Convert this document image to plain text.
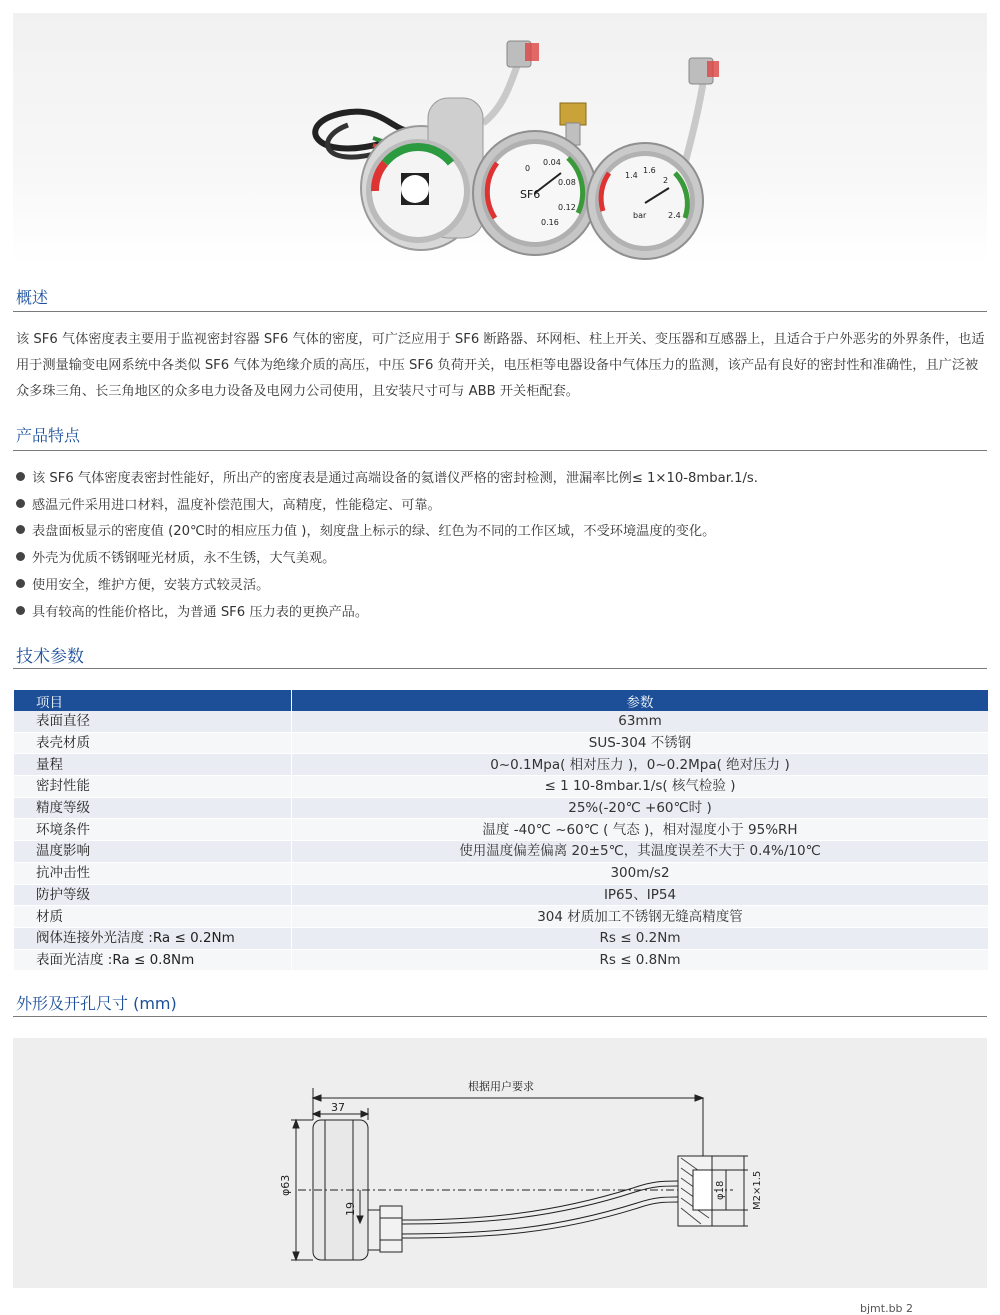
0
0.04
0.08
0.12
0.16
SF6
1.4
1.6
2
2.4
bar
概述
该 SF6 气体密度表主要用于监视密封容器 SF6 气体的密度，可广泛应用于 SF6 断路器、环网柜、柱上开关、变压器和互感器上，且适合于户外恶劣的外界条件，也适用于测量输变电网系统中各类似 SF6 气体为绝缘介质的高压，中压 SF6 负荷开关，电压柜等电器设备中气体压力的监测，该产品有良好的密封性和准确性，且广泛被众多珠三角、长三角地区的众多电力设备及电网力公司使用，且安装尺寸可与 ABB 开关柜配套。
产品特点
该 SF6 气体密度表密封性能好，所出产的密度表是通过高端设备的氦谱仪严格的密封检测，泄漏率比例≤ 1×10-8mbar.1/s.
感温元件采用进口材料，温度补偿范围大，高精度，性能稳定、可靠。
表盘面板显示的密度值 (20℃时的相应压力值 )，刻度盘上标示的绿、红色为不同的工作区域，不受环境温度的变化。
外壳为优质不锈钢哑光材质，永不生锈，大气美观。
使用安全，维护方便，安装方式较灵活。
具有较高的性能价格比，为普通 SF6 压力表的更换产品。
技术参数
项目	参数
表面直径	63mm
表壳材质	SUS-304 不锈钢
量程	0~0.1Mpa( 相对压力 )，0~0.2Mpa( 绝对压力 )
密封性能	≤ 1 10-8mbar.1/s( 核气检验 )
精度等级	25%(-20℃ +60℃时 )
环境条件	温度 -40℃ ~60℃ ( 气态 )，相对湿度小于 95%RH
温度影响	使用温度偏差偏离 20±5℃，其温度误差不大于 0.4%/10℃
抗冲击性	300m/s2
防护等级	IP65、IP54
材质	304 材质加工不锈钢无缝高精度管
阀体连接外光洁度 :Ra ≤ 0.2Nm	Rs ≤ 0.2Nm
表面光洁度 :Ra ≤ 0.8Nm	Rs ≤ 0.8Nm
外形及开孔尺寸 (mm)
根据用户要求
37
φ63
19
φ18	M2×1.5
bjmt.bb 2
